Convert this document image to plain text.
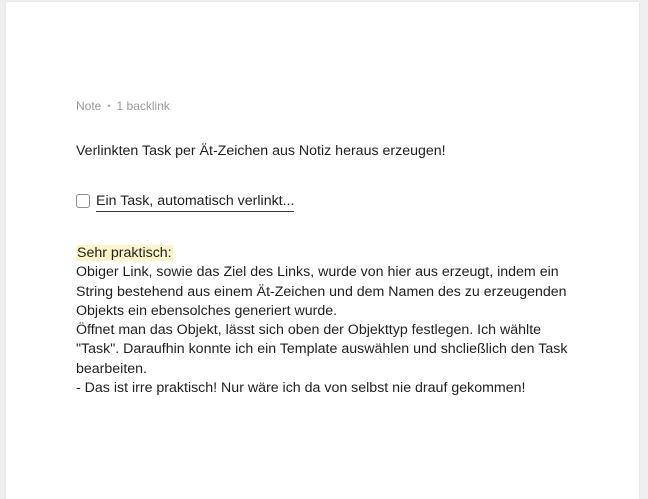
Note • 1 backlink
Verlinkten Task per Ät-Zeichen aus Notiz heraus erzeugen!
Ein Task, automatisch verlinkt...
Sehr praktisch:
Obiger Link, sowie das Ziel des Links, wurde von hier aus erzeugt, indem ein
String bestehend aus einem Ät-Zeichen und dem Namen des zu erzeugenden
Objekts ein ebensolches generiert wurde.
Öffnet man das Objekt, lässt sich oben der Objekttyp festlegen. Ich wählte
"Task". Daraufhin konnte ich ein Template auswählen und shcließlich den Task
bearbeiten.
- Das ist irre praktisch! Nur wäre ich da von selbst nie drauf gekommen!
